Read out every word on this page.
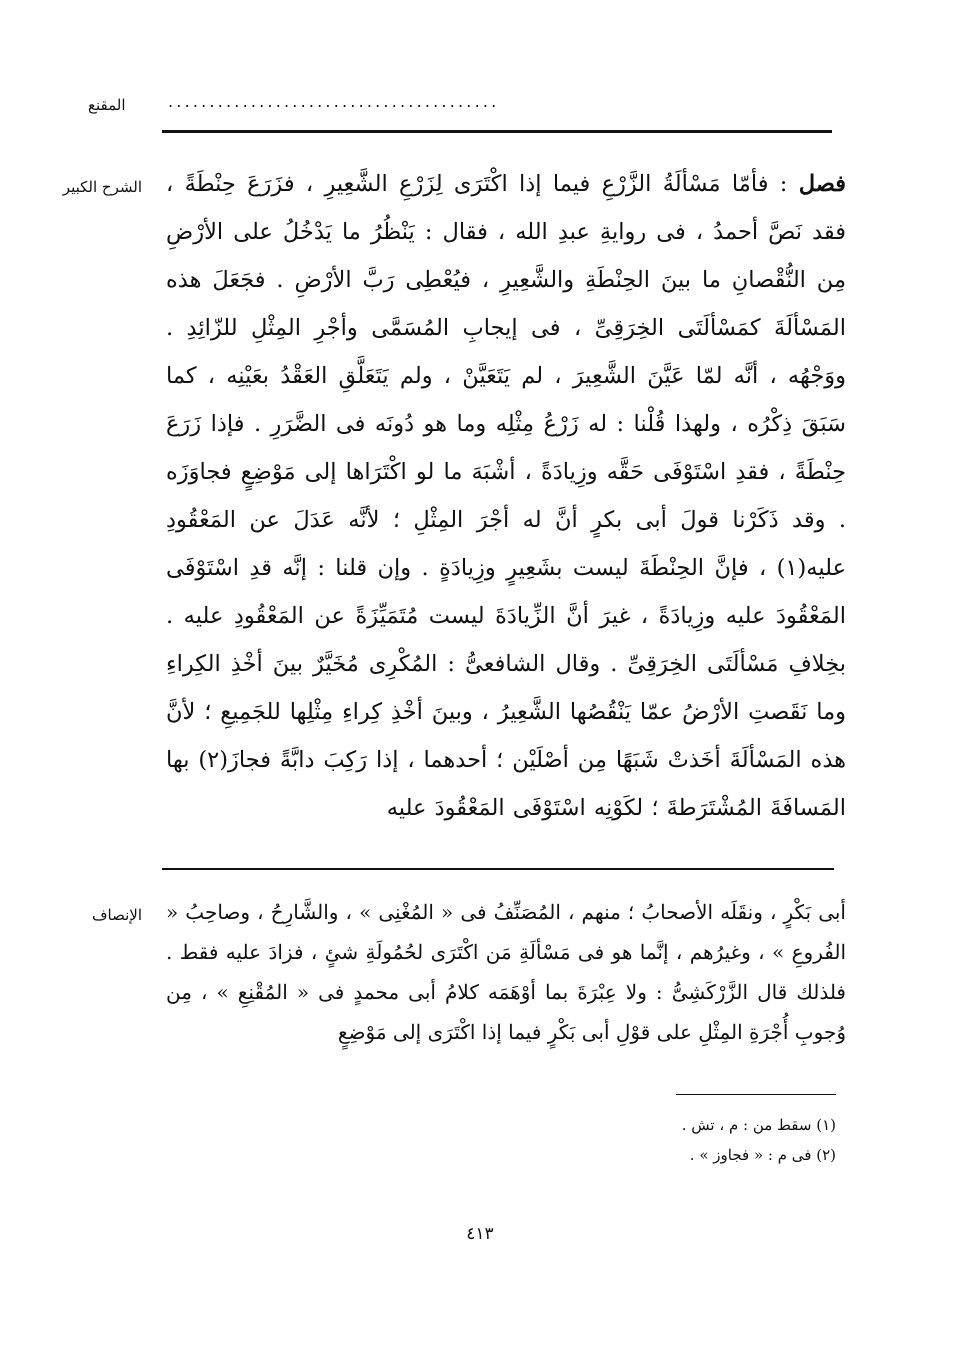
المقنع	........................................
الشرح الكبير	فصل : فأمّا مَسْألَةُ الزَّرْعِ فيما إذا اكْتَرَى لِزَرْعِ الشَّعِيرِ ، فزَرَعَ حِنْطَةً ، فقد نَصَّ أحمدُ ، فى روايةِ عبدِ الله ، فقال : يَنْظُرُ ما يَدْخُلُ على الأرْضِ مِن النُّقْصانِ ما بينَ الحِنْطَةِ والشَّعِيرِ ، فيُعْطِى رَبَّ الأرْضِ . فجَعَلَ هذه المَسْألَةَ كمَسْألَتَى الخِرَقِىِّ ، فى إيجابِ المُسَمَّى وأجْرِ المِثْلِ للزّائِدِ . ووَجْهُه ، أنَّه لمّا عَيَّنَ الشَّعِيرَ ، لم يَتَعَيَّنْ ، ولم يَتَعَلَّقِ العَقْدُ بعَيْنِه ، كما سَبَقَ ذِكْرُه ، ولهذا قُلْنا : له زَرْعُ مِثْلِه وما هو دُونَه فى الضَّرَرِ . فإذا زَرَعَ حِنْطَةً ، فقدِ اسْتَوْفَى حَقَّه وزِيادَةً ، أشْبَهَ ما لو اكْتَرَاها إلى مَوْضِعٍ فجاوَزَه . وقد ذَكَرْنا قولَ أبى بكرٍ أنَّ له أجْرَ المِثْلِ ؛ لأنَّه عَدَلَ عن المَعْقُودِ عليه(١) ، فإنَّ الحِنْطَةَ ليست بشَعِيرٍ وزِيادَةٍ . وإن قلنا : إنَّه قدِ اسْتَوْفَى المَعْقُودَ عليه وزِيادَةً ، غيرَ أنَّ الزِّيادَةَ ليست مُتَمَيِّزَةً عن المَعْقُودِ عليه . بخِلافِ مَسْألَتَى الخِرَقِىِّ . وقال الشافعىُّ : المُكْرِى مُخَيَّرٌ بينَ أخْذِ الكِراءِ وما نَقَصتِ الأرْضُ عمّا يَنْقُصُها الشَّعِيرُ ، وبينَ أخْذِ كِراءِ مِثْلِها للجَمِيعِ ؛ لأنَّ هذه المَسْألَةَ أخَذتْ شَبَهًا مِن أصْلَيْن ؛ أحدهما ، إذا رَكِبَ دابَّةً فجازَ(٢) بها المَسافَةَ المُشْتَرَطةَ ؛ لكَوْنِه اسْتَوْفَى المَعْقُودَ عليه
الإنصاف أبى بَكْرٍ ، ونقَلَه الأصحابُ ؛ منهم ، المُصَنِّفُ فى « المُغْنِى » ، والشَّارِحُ ، وصاحِبُ « الفُروعِ » ، وغيرُهم ، إنَّما هو فى مَسْألَةِ مَن اكْتَرَى لحُمُولَةِ شئٍ ، فزادَ عليه فقط . فلذلك قال الزَّرْكَشِىُّ : ولا عِبْرَةَ بما أوْهَمَه كلامُ أبى محمدٍ فى « المُقْنِعِ » ، مِن وُجوبِ أُجْرَةِ المِثْلِ على قوْلِ أبى بَكْرٍ فيما إذا اكْتَرَى إلى مَوْضِعٍ
(١) سقط من : م ، تش .
(٢) فى م : « فجاوز » .
٤١٣
